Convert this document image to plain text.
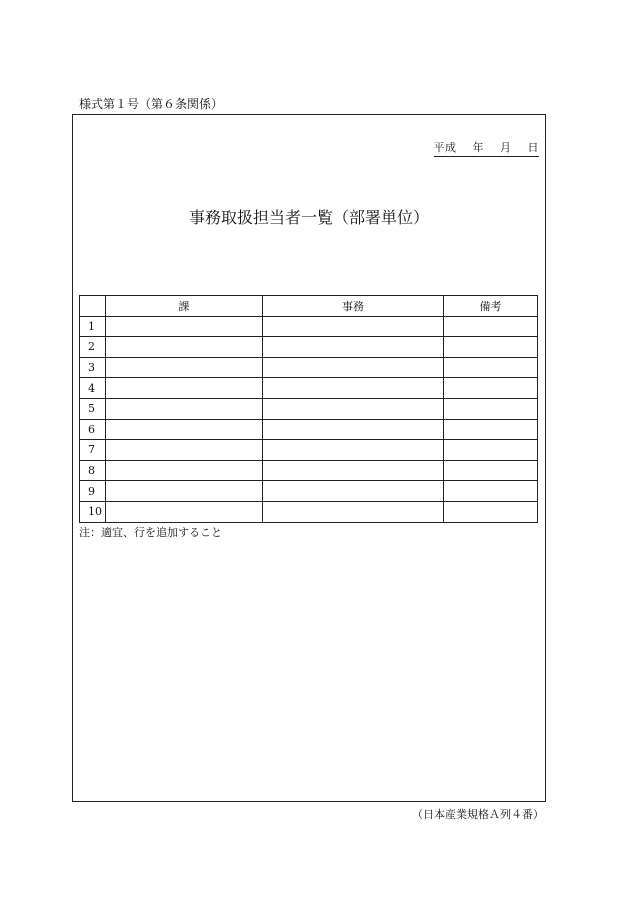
様式第１号（第６条関係）
平成 年 月 日
事務取扱担当者一覧（部署単位）
	課	事務	備考
1			
2			
3			
4			
5			
6			
7			
8			
9			
10			
注：適宜、行を追加すること
（日本産業規格Ａ列４番）
